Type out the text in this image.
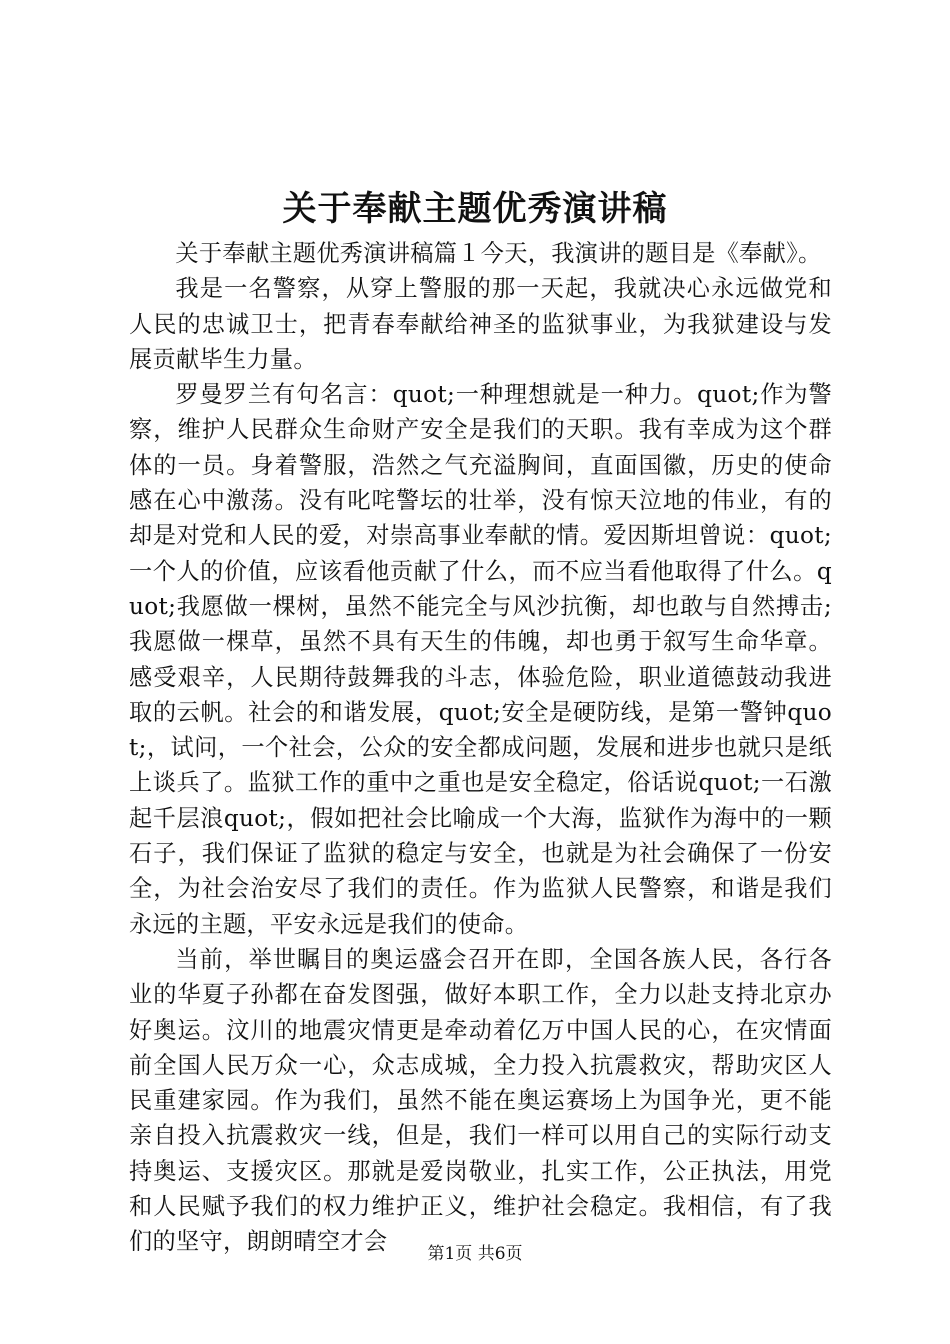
关于奉献主题优秀演讲稿

关于奉献主题优秀演讲稿篇１今天，我演讲的题目是《奉献》。

我是一名警察，从穿上警服的那一天起，我就决心永远做党和人民的忠诚卫士，把青春奉献给神圣的监狱事业，为我狱建设与发展贡献毕生力量。

罗曼罗兰有句名言：quot;一种理想就是一种力。quot;作为警察，维护人民群众生命财产安全是我们的天职。我有幸成为这个群体的一员。身着警服，浩然之气充溢胸间，直面国徽，历史的使命感在心中激荡。没有叱咤警坛的壮举，没有惊天泣地的伟业，有的却是对党和人民的爱，对崇高事业奉献的情。爱因斯坦曾说：quot;一个人的价值，应该看他贡献了什么，而不应当看他取得了什么。quot;我愿做一棵树，虽然不能完全与风沙抗衡，却也敢与自然搏击;我愿做一棵草，虽然不具有天生的伟魄，却也勇于叙写生命华章。感受艰辛，人民期待鼓舞我的斗志，体验危险，职业道德鼓动我进取的云帆。社会的和谐发展，quot;安全是硬防线，是第一警钟quot;，试问，一个社会，公众的安全都成问题，发展和进步也就只是纸上谈兵了。监狱工作的重中之重也是安全稳定，俗话说quot;一石激起千层浪quot;，假如把社会比喻成一个大海，监狱作为海中的一颗石子，我们保证了监狱的稳定与安全，也就是为社会确保了一份安全，为社会治安尽了我们的责任。作为监狱人民警察，和谐是我们永远的主题，平安永远是我们的使命。

当前，举世瞩目的奥运盛会召开在即，全国各族人民，各行各业的华夏子孙都在奋发图强，做好本职工作，全力以赴支持北京办好奥运。汶川的地震灾情更是牵动着亿万中国人民的心，在灾情面前全国人民万众一心，众志成城，全力投入抗震救灾，帮助灾区人民重建家园。作为我们，虽然不能在奥运赛场上为国争光，更不能亲自投入抗震救灾一线，但是，我们一样可以用自己的实际行动支持奥运、支援灾区。那就是爱岗敬业，扎实工作，公正执法，用党和人民赋予我们的权力维护正义，维护社会稳定。我相信，有了我们的坚守，朗朗晴空才会	第1页 共6页
